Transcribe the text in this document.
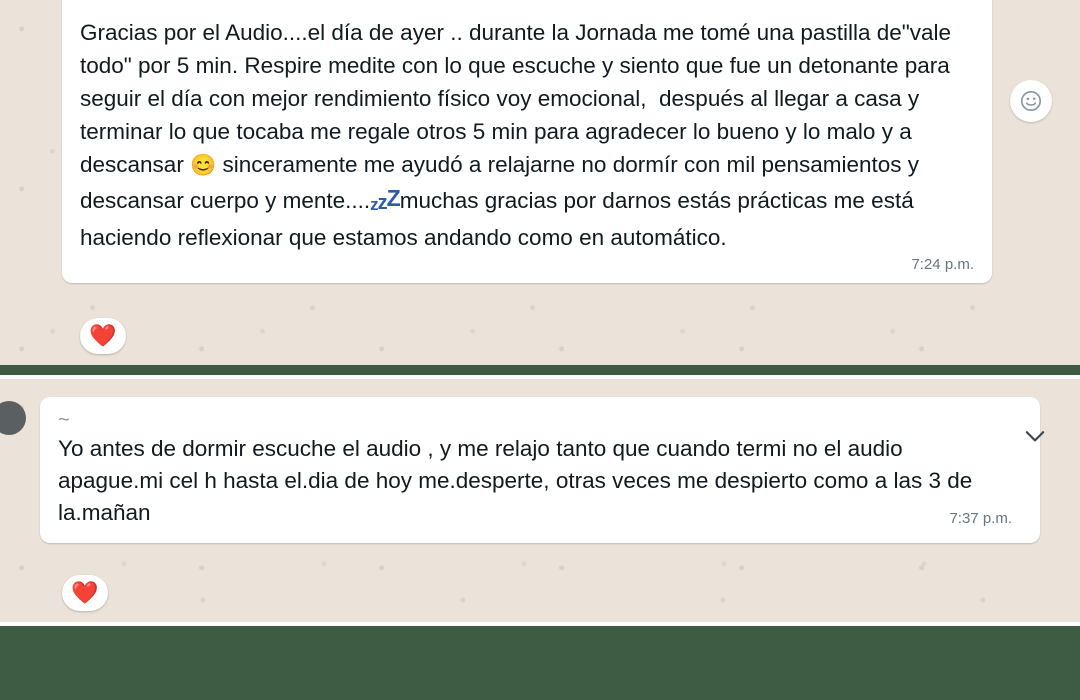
Gracias por el Audio....el día de ayer .. durante la Jornada me tomé una pastilla de"vale todo" por 5 min. Respire medite con lo que escuche y siento que fue un detonante para seguir el día con mejor rendimiento físico voy emocional,  después al llegar a casa y terminar lo que tocaba me regale otros 5 min para agradecer lo bueno y lo malo y a descansar 😊 sinceramente me ayudó a relajarne no dormír con mil pensamientos y descansar cuerpo y mente....zzZmuchas gracias por darnos estás prácticas me está haciendo reflexionar que estamos andando como en automático.
7:24 p.m.
❤️
~
Yo antes de dormir escuche el audio , y me relajo tanto que cuando termi no el audio apague.mi cel h hasta el.dia de hoy me.desperte, otras veces me despierto como a las 3 de la.mañan	7:37 p.m.
❤️
